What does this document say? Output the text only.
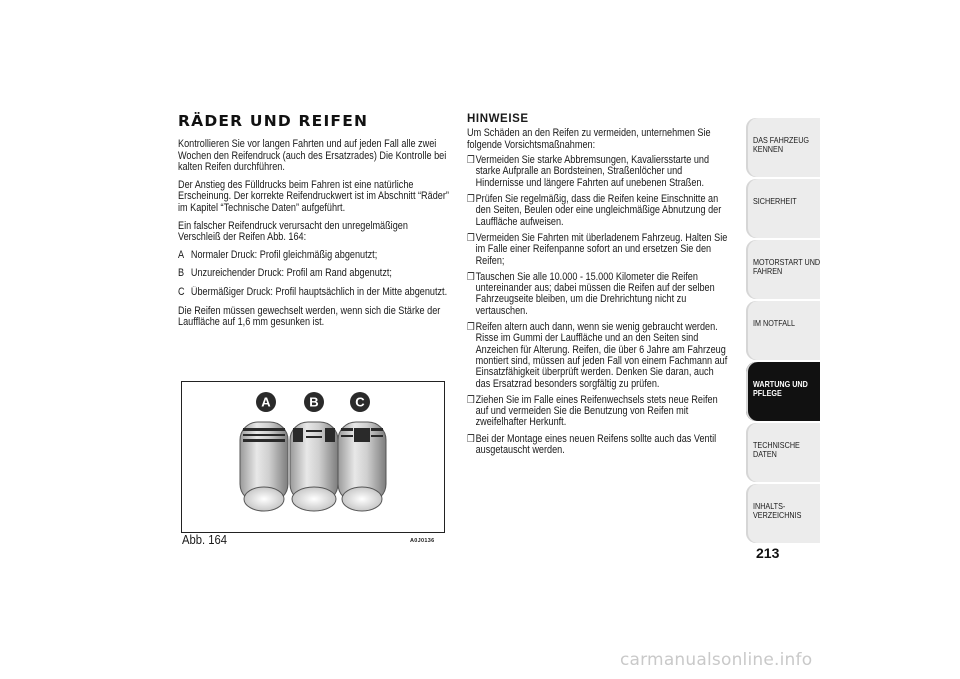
RÄDER UND REIFEN

Kontrollieren Sie vor langen Fahrten und auf jeden Fall alle zwei Wochen den Reifendruck (auch des Ersatzrades) Die Kontrolle bei kalten Reifen durchführen.

Der Anstieg des Fülldrucks beim Fahren ist eine natürliche Erscheinung. Der korrekte Reifendruckwert ist im Abschnitt “Räder” im Kapitel “Technische Daten” aufgeführt.

Ein falscher Reifendruck verursacht den unregelmäßigen Verschleiß der Reifen Abb. 164:

A Normaler Druck: Profil gleichmäßig abgenutzt;
B Unzureichender Druck: Profil am Rand abgenutzt;
C Übermäßiger Druck: Profil hauptsächlich in der Mitte abgenutzt.

Die Reifen müssen gewechselt werden, wenn sich die Stärke der Lauffläche auf 1,6 mm gesunken ist.

A	B	C
Abb. 164	A0J0136
HINWEISE

Um Schäden an den Reifen zu vermeiden, unternehmen Sie folgende Vorsichtsmaßnahmen:

❒ Vermeiden Sie starke Abbremsungen, Kavaliersstarte und starke Aufpralle an Bordsteinen, Straßenlöcher und Hindernisse und längere Fahrten auf unebenen Straßen.
❒ Prüfen Sie regelmäßig, dass die Reifen keine Einschnitte an den Seiten, Beulen oder eine ungleichmäßige Abnutzung der Lauffläche aufweisen.
❒ Vermeiden Sie Fahrten mit überladenem Fahrzeug. Halten Sie im Falle einer Reifenpanne sofort an und ersetzen Sie den Reifen;
❒ Tauschen Sie alle 10.000 - 15.000 Kilometer die Reifen untereinander aus; dabei müssen die Reifen auf der selben Fahrzeugseite bleiben, um die Drehrichtung nicht zu vertauschen.
❒ Reifen altern auch dann, wenn sie wenig gebraucht werden. Risse im Gummi der Lauffläche und an den Seiten sind Anzeichen für Alterung. Reifen, die über 6 Jahre am Fahrzeug montiert sind, müssen auf jeden Fall von einem Fachmann auf Einsatzfähigkeit überprüft werden. Denken Sie daran, auch das Ersatzrad besonders sorgfältig zu prüfen.
❒ Ziehen Sie im Falle eines Reifenwechsels stets neue Reifen auf und vermeiden Sie die Benutzung von Reifen mit zweifelhafter Herkunft.
❒ Bei der Montage eines neuen Reifens sollte auch das Ventil ausgetauscht werden.
DAS FAHRZEUG KENNEN
SICHERHEIT
MOTORSTART UND FAHREN
IM NOTFALL
WARTUNG UND PFLEGE
TECHNISCHE DATEN
INHALTS- VERZEICHNIS
213
carmanualsonline.info
